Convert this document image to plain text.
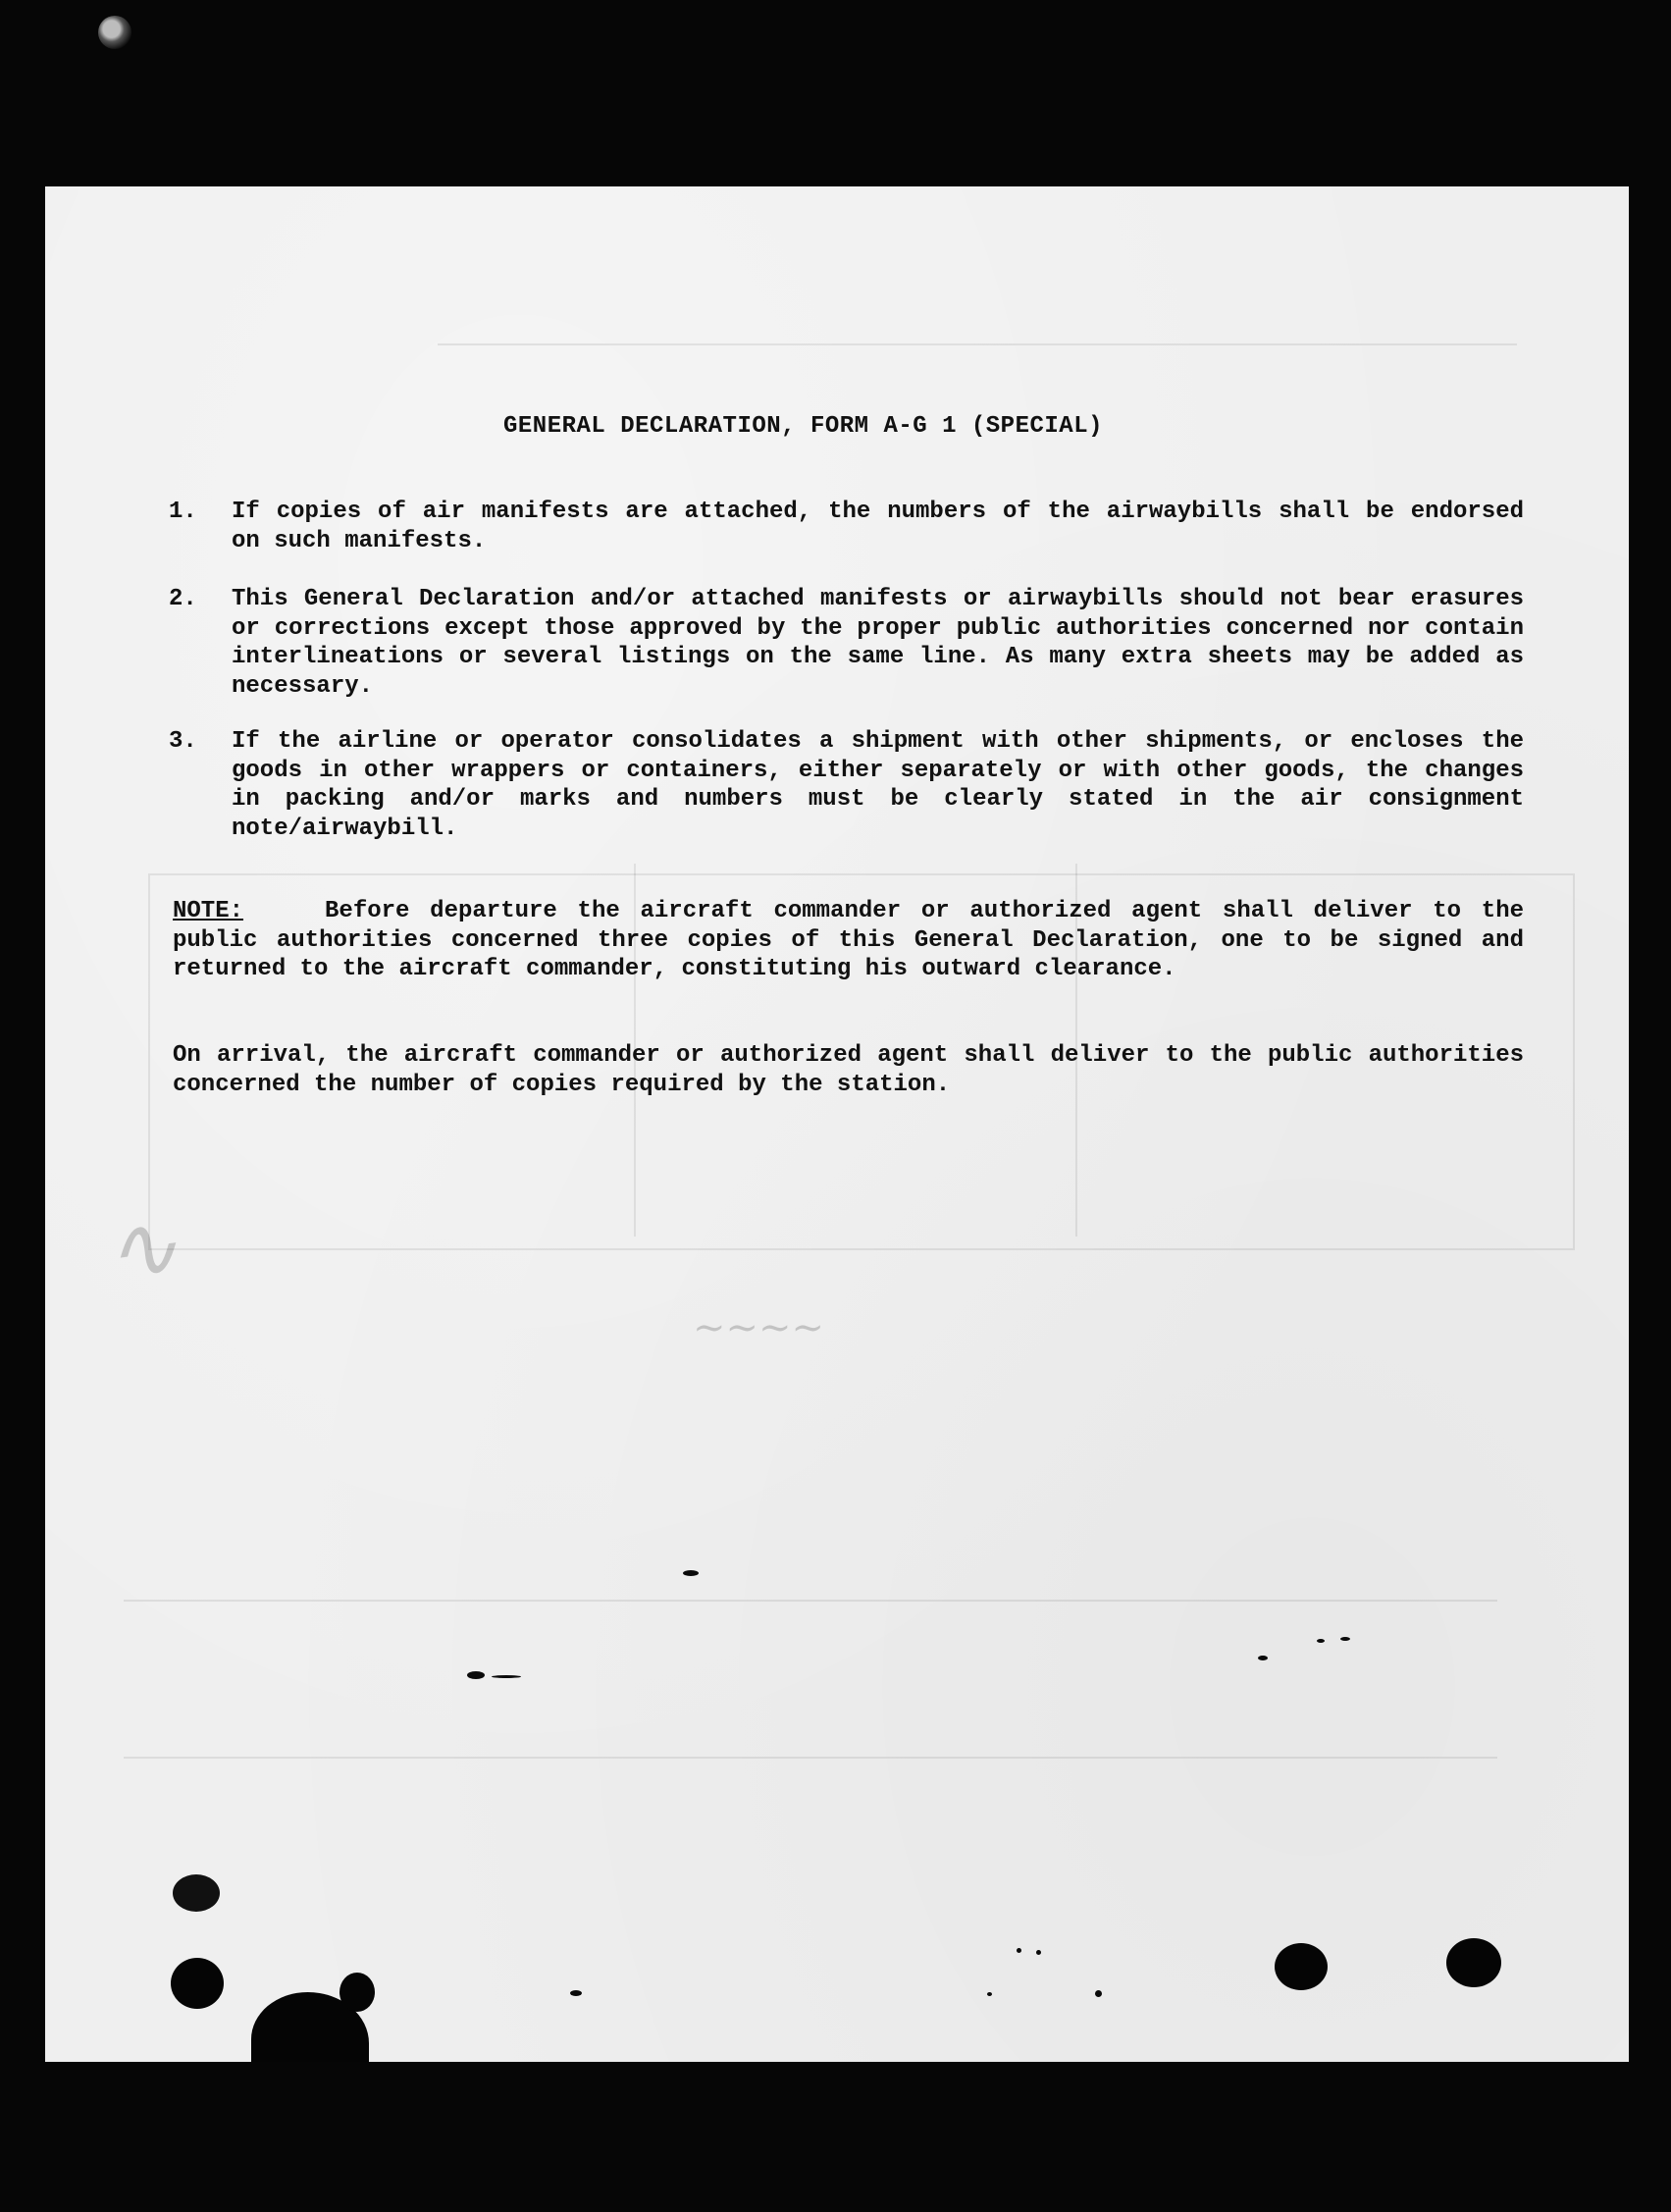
∿
∼∼∼∼
GENERAL DECLARATION, FORM A-G 1 (SPECIAL)
1. If copies of air manifests are attached, the numbers of the airwaybills shall be endorsed on such manifests.
2. This General Declaration and/or attached manifests or airwaybills should not bear erasures or corrections except those approved by the proper public authorities concerned nor contain interlineations or several listings on the same line. As many extra sheets may be added as necessary.
3. If the airline or operator consolidates a shipment with other shipments, or encloses the goods in other wrappers or containers, either separately or with other goods, the changes in packing and/or marks and numbers must be clearly stated in the air consignment note/airwaybill.
NOTE:	Before departure the aircraft commander or authorized agent shall deliver to the public authorities concerned three copies of this General Declaration, one to be signed and returned to the aircraft commander, constituting his outward clearance.
On arrival, the aircraft commander or authorized agent shall deliver to the public authorities concerned the number of copies required by the station.
